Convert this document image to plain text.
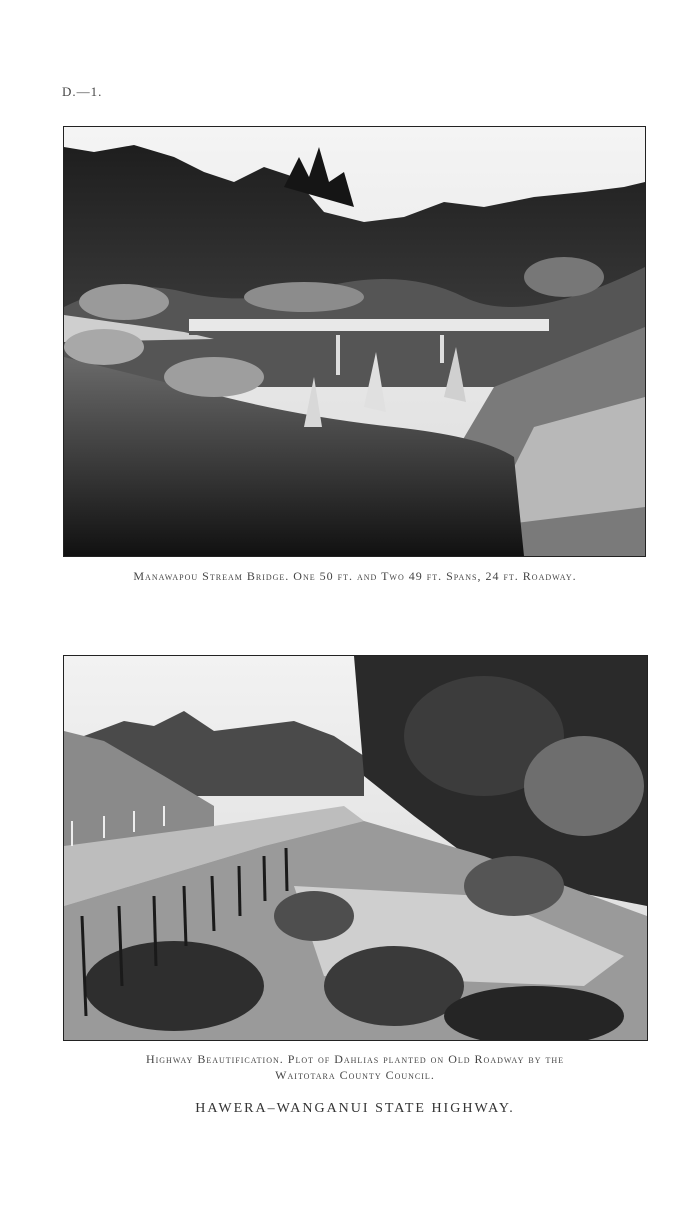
D.—1.
Manawapou Stream Bridge. One 50 ft. and Two 49 ft. Spans, 24 ft. Roadway.
Highway Beautification. Plot of Dahlias planted on Old Roadway by the
Waitotara County Council.
HAWERA–WANGANUI STATE HIGHWAY.
